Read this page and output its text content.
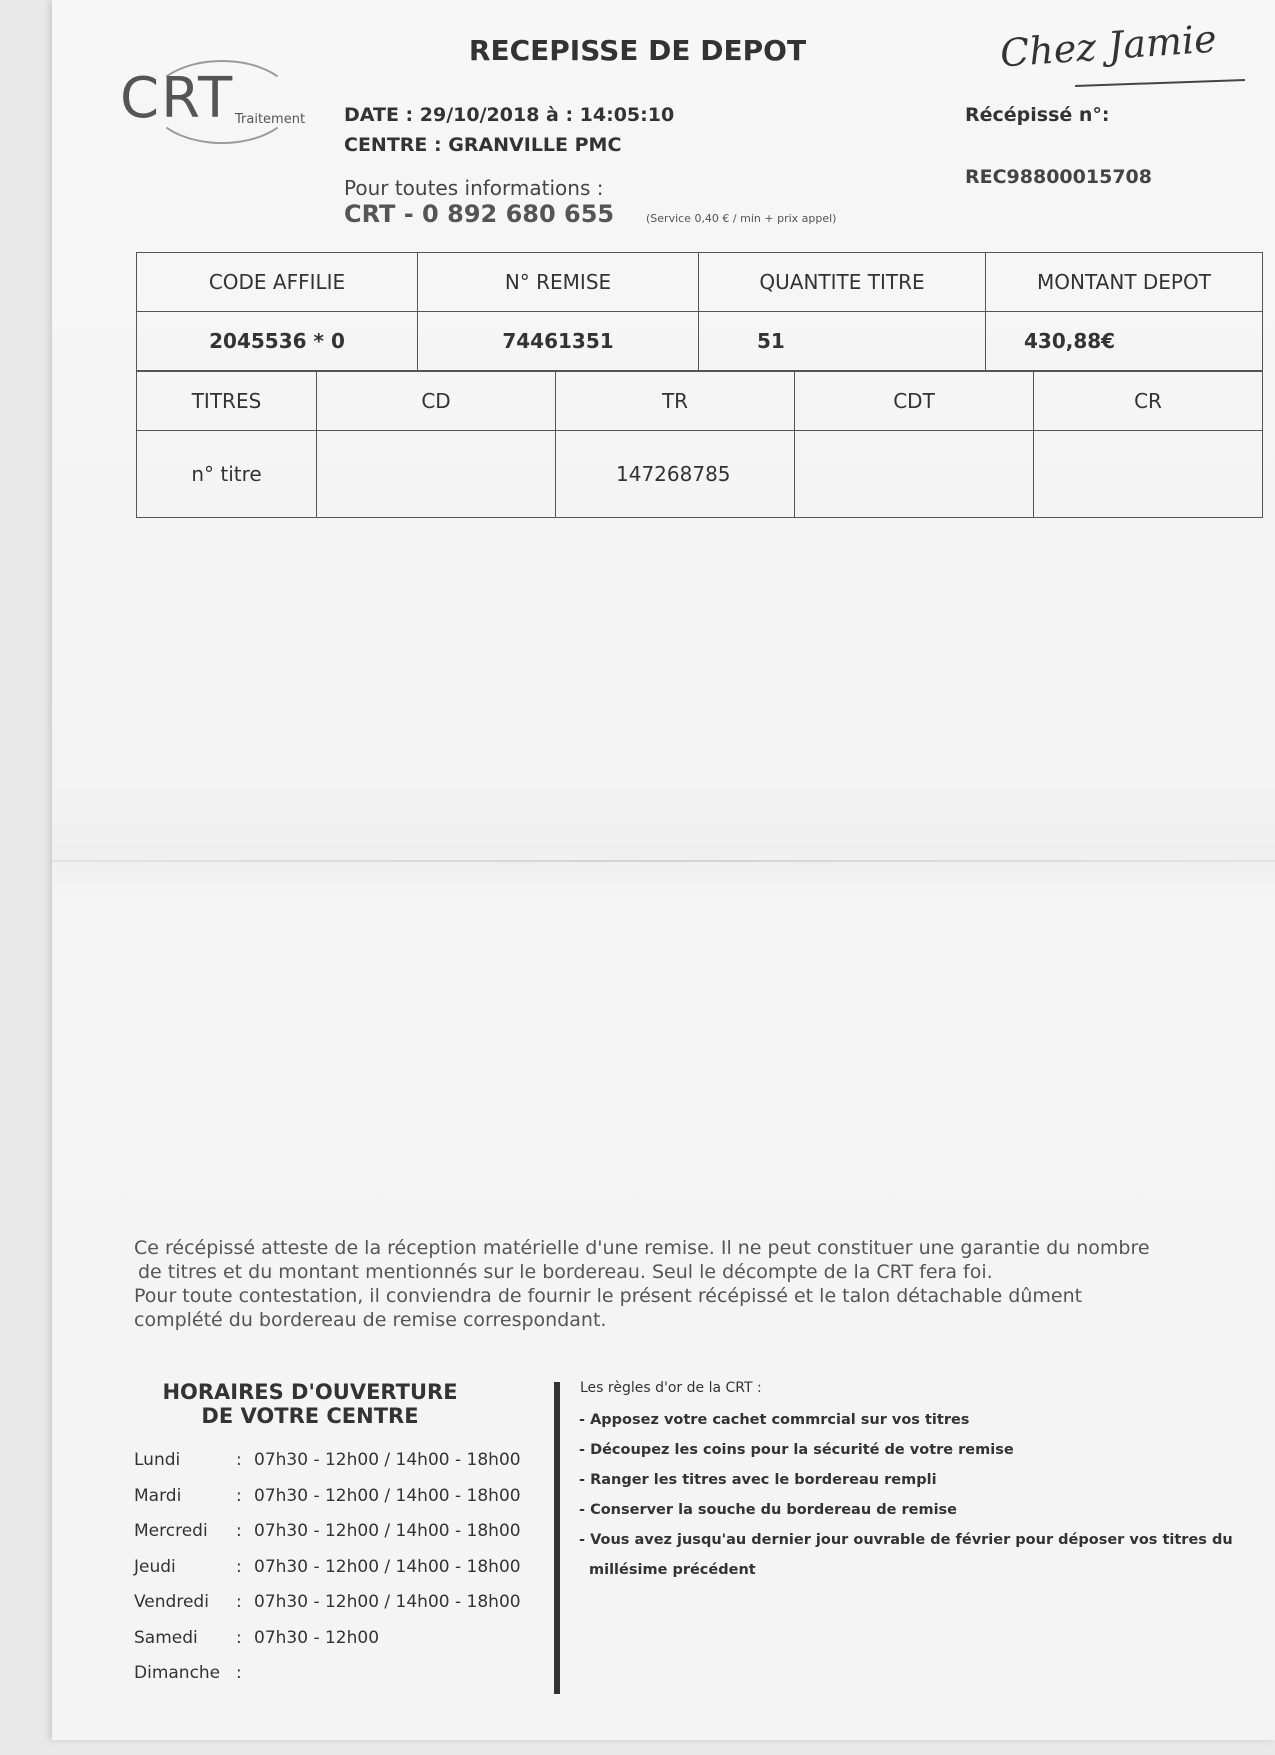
CRT Traitement
RECEPISSE DE DEPOT	Chez Jamie
DATE : 29/10/2018 à : 14:05:10
CENTRE : GRANVILLE PMC
Pour toutes informations :
CRT - 0 892 680 655	(Service 0,40 € / min + prix appel)
Récépissé n°:
REC98800015708
CODE AFFILIE	N° REMISE	QUANTITE TITRE	MONTANT DEPOT
2045536 * 0	74461351	51	430,88€
TITRES	CD	TR	CDT	CR
n° titre		147268785		

Ce récépissé atteste de la réception matérielle d'une remise. Il ne peut constituer une garantie du nombre

de titres et du montant mentionnés sur le bordereau. Seul le décompte de la CRT fera foi.

Pour toute contestation, il conviendra de fournir le présent récépissé et le talon détachable dûment

complété du bordereau de remise correspondant.

HORAIRES D'OUVERTURE
DE VOTRE CENTRE
Lundi	: 07h30 - 12h00 / 14h00 - 18h00
Mardi	: 07h30 - 12h00 / 14h00 - 18h00
Mercredi	: 07h30 - 12h00 / 14h00 - 18h00
Jeudi	: 07h30 - 12h00 / 14h00 - 18h00
Vendredi	: 07h30 - 12h00 / 14h00 - 18h00
Samedi	: 07h30 - 12h00
Dimanche :
Les règles d'or de la CRT :
- Apposez votre cachet commrcial sur vos titres
- Découpez les coins pour la sécurité de votre remise
- Ranger les titres avec le bordereau rempli
- Conserver la souche du bordereau de remise
- Vous avez jusqu'au dernier jour ouvrable de février pour déposer vos titres du
millésime précédent
